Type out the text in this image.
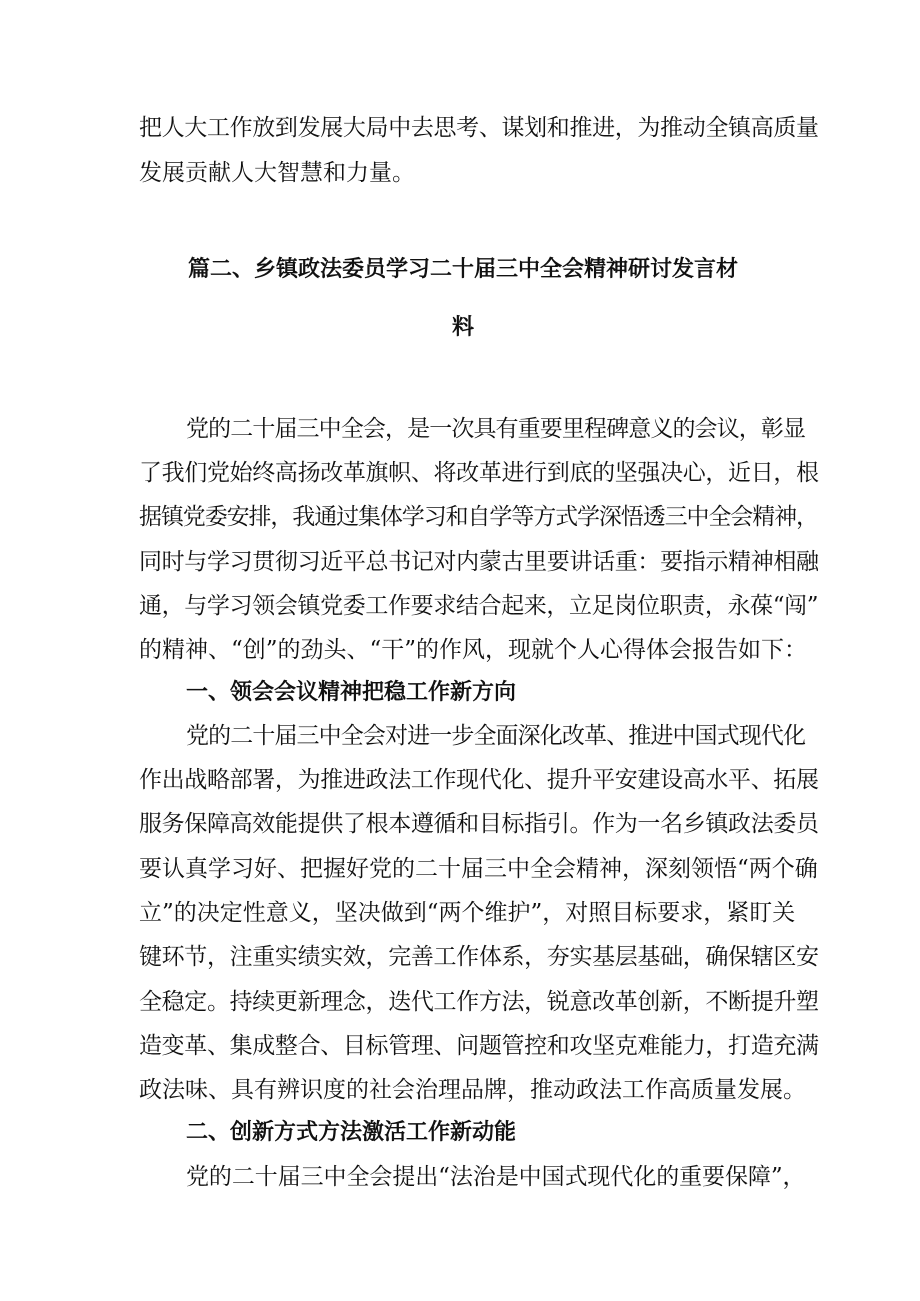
把人大工作放到发展大局中去思考、谋划和推进，为推动全镇高质量
发展贡献人大智慧和力量。
篇二、乡镇政法委员学习二十届三中全会精神研讨发言材
料
党的二十届三中全会，是一次具有重要里程碑意义的会议，彰显
了我们党始终高扬改革旗帜、将改革进行到底的坚强决心，近日，根
据镇党委安排，我通过集体学习和自学等方式学深悟透三中全会精神，
同时与学习贯彻习近平总书记对内蒙古里要讲话重：要指示精神相融
通，与学习领会镇党委工作要求结合起来，立足岗位职责，永葆“闯”
的精神、“创”的劲头、“干”的作风，现就个人心得体会报告如下：
一、领会会议精神把稳工作新方向
党的二十届三中全会对进一步全面深化改革、推进中国式现代化
作出战略部署，为推进政法工作现代化、提升平安建设高水平、拓展
服务保障高效能提供了根本遵循和目标指引。作为一名乡镇政法委员
要认真学习好、把握好党的二十届三中全会精神，深刻领悟“两个确
立”的决定性意义，坚决做到“两个维护”，对照目标要求，紧盯关
键环节，注重实绩实效，完善工作体系，夯实基层基础，确保辖区安
全稳定。持续更新理念，迭代工作方法，锐意改革创新，不断提升塑
造变革、集成整合、目标管理、问题管控和攻坚克难能力，打造充满
政法味、具有辨识度的社会治理品牌，推动政法工作高质量发展。
二、创新方式方法激活工作新动能
党的二十届三中全会提出“法治是中国式现代化的重要保障”，
